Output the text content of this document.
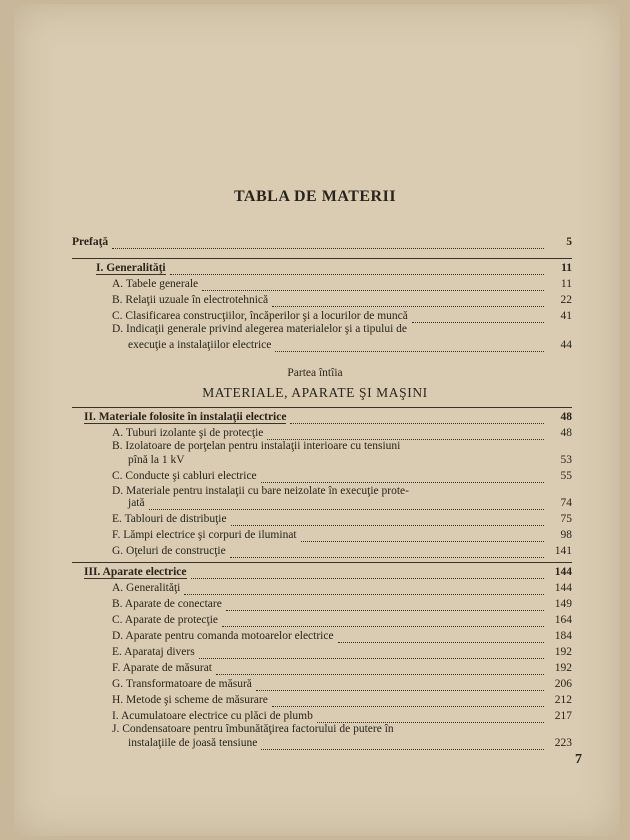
TABLA DE MATERII
Prefaţă	5
I. Generalităţi	11
A. Tabele generale	11
B. Relaţii uzuale în electrotehnică	22
C. Clasificarea construcţiilor, încăperilor şi a locurilor de muncă	41
D. Indicaţii generale privind alegerea materialelor şi a tipului de
execuţie a instalaţiilor electrice	44
Partea întîia
MATERIALE, APARATE ŞI MAŞINI
II. Materiale folosite în instalaţii electrice	48
A. Tuburi izolante şi de protecţie	48
B. Izolatoare de porţelan pentru instalaţii interioare cu tensiuni
pînă la 1 kV	53
C. Conducte şi cabluri electrice	55
D. Materiale pentru instalaţii cu bare neizolate în execuţie prote-
jată	74
E. Tablouri de distribuţie	75
F. Lămpi electrice şi corpuri de iluminat	98
G. Oţeluri de construcţie	141
III. Aparate electrice	144
A. Generalităţi	144
B. Aparate de conectare	149
C. Aparate de protecţie	164
D. Aparate pentru comanda motoarelor electrice	184
E. Aparataj divers	192
F. Aparate de măsurat	192
G. Transformatoare de măsură	206
H. Metode şi scheme de măsurare	212
I. Acumulatoare electrice cu plăci de plumb	217
J. Condensatoare pentru îmbunătăţirea factorului de putere în
instalaţiile de joasă tensiune	223
7
